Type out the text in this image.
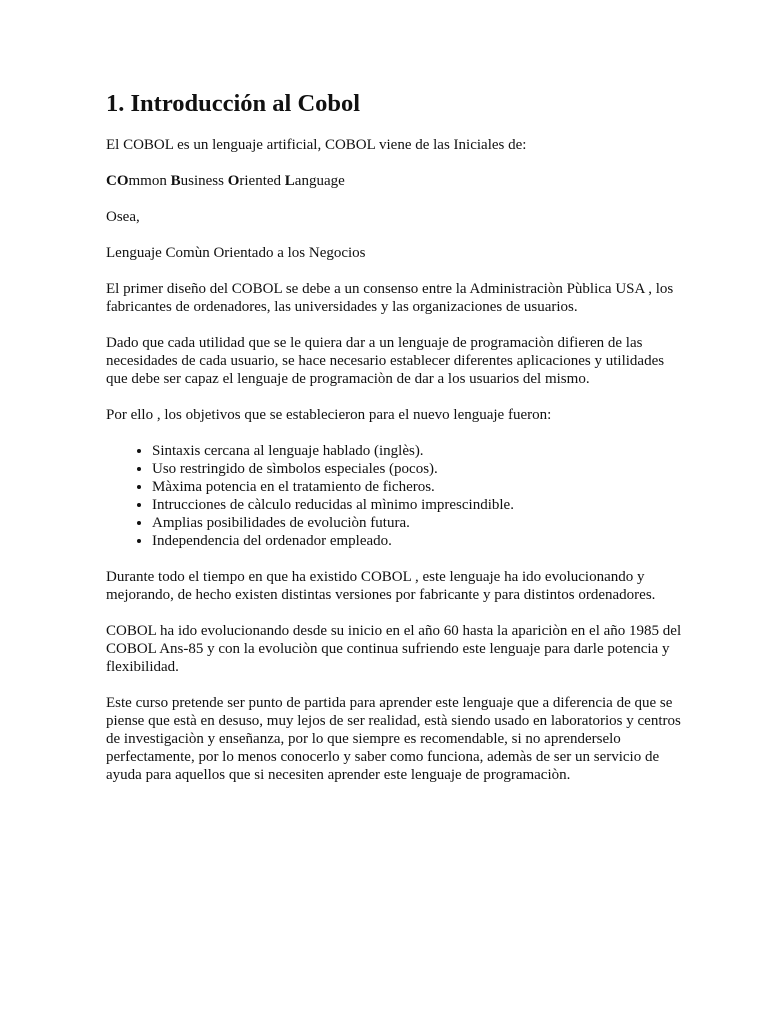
1. Introducción al Cobol

El COBOL es un lenguaje artificial, COBOL viene de las Iniciales de:

COmmon Business Oriented Language

Osea,

Lenguaje Comùn Orientado a los Negocios

El primer diseño del COBOL se debe a un consenso entre la Administraciòn Pùblica USA , los fabricantes de ordenadores, las universidades y las organizaciones de usuarios.

Dado que cada utilidad que se le quiera dar a un lenguaje de programaciòn difieren de las necesidades de cada usuario, se hace necesario establecer diferentes aplicaciones y utilidades que debe ser capaz el lenguaje de programaciòn de dar a los usuarios del mismo.

Por ello , los objetivos que se establecieron para el nuevo lenguaje fueron:

• Sintaxis cercana al lenguaje hablado (inglès).
• Uso restringido de sìmbolos especiales (pocos).
• Màxima potencia en el tratamiento de ficheros.
• Intrucciones de càlculo reducidas al mìnimo imprescindible.
• Amplias posibilidades de evoluciòn futura.
• Independencia del ordenador empleado.

Durante todo el tiempo en que ha existido COBOL , este lenguaje ha ido evolucionando y mejorando, de hecho existen distintas versiones por fabricante y para distintos ordenadores.

COBOL ha ido evolucionando desde su inicio en el año 60 hasta la apariciòn en el año 1985 del COBOL Ans-85 y con la evoluciòn que continua sufriendo este lenguaje para darle potencia y flexibilidad.

Este curso pretende ser punto de partida para aprender este lenguaje que a diferencia de que se piense que està en desuso, muy lejos de ser realidad, està siendo usado en laboratorios y centros de investigaciòn y enseñanza, por lo que siempre es recomendable, si no aprenderselo perfectamente, por lo menos conocerlo y saber como funciona, ademàs de ser un servicio de ayuda para aquellos que si necesiten aprender este lenguaje de programaciòn.
